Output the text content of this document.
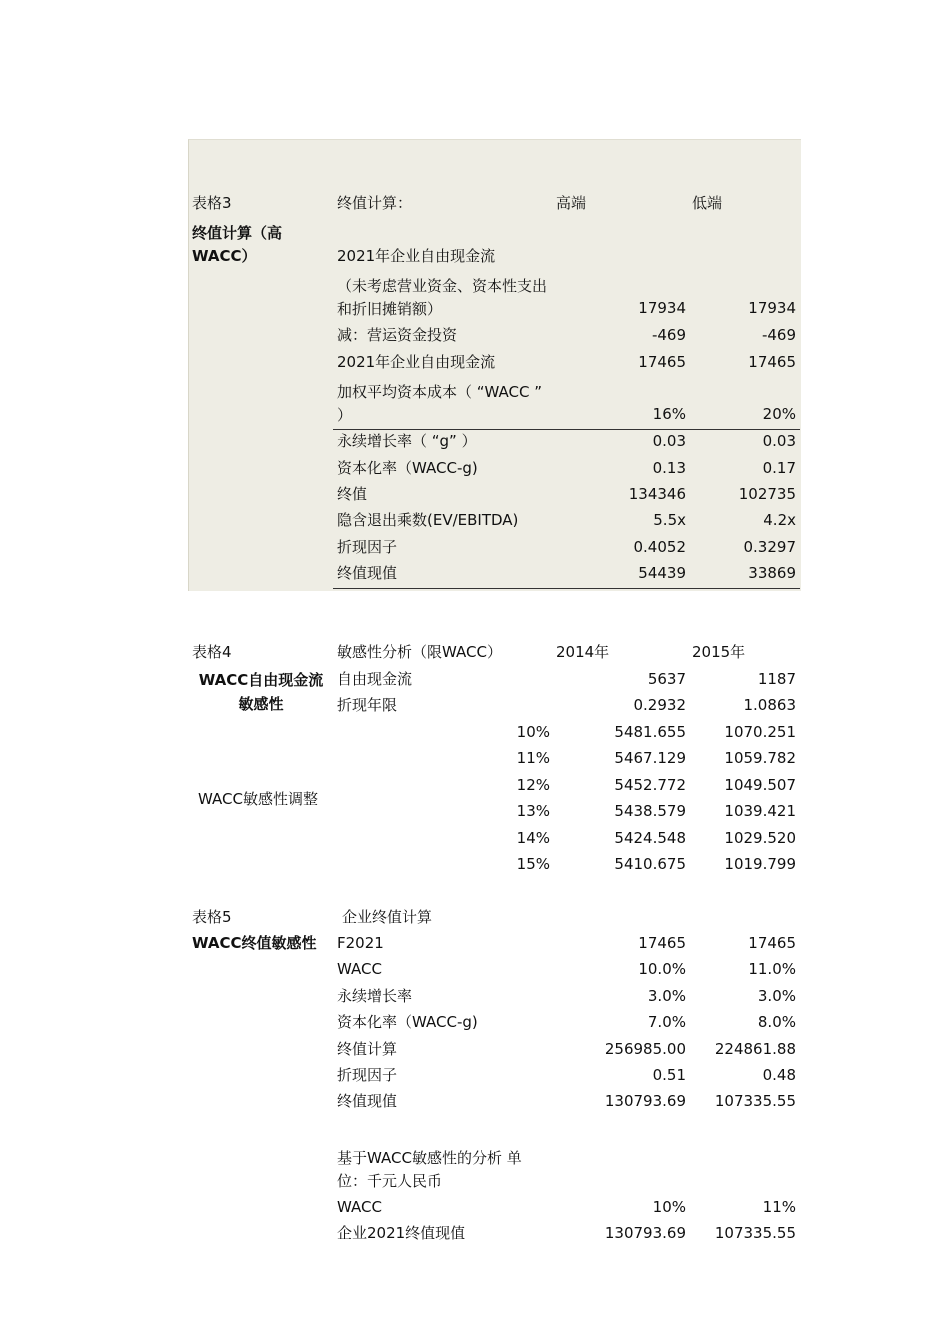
表格3
终值计算（高WACC）
终值计算：	高端	低端
2021年企业自由现金流
（未考虑营业资金、资本性支出和折旧摊销额）	17934	17934
减：营运资金投资	-469	-469
2021年企业自由现金流	17465	17465
加权平均资本成本（ “WACC ” ）	16%	20%
永续增长率（ “g” ）	0.03	0.03
资本化率（WACC-g)	0.13	0.17
终值	134346	102735
隐含退出乘数(EV/EBITDA)	5.5x	4.2x
折现因子	0.4052	0.3297
终值现值	54439	33869
表格4
WACC自由现金流
敏感性
敏感性分析（限WACC）	2014年	2015年
自由现金流	5637	1187
折现年限	0.2932	1.0863
WACC敏感性调整
10%	5481.655	1070.251
11%	5467.129	1059.782
12%	5452.772	1049.507
13%	5438.579	1039.421
14%	5424.548	1029.520
15%	5410.675	1019.799
表格5
WACC终值敏感性
企业终值计算
F2021	17465	17465
WACC	10.0%	11.0%
永续增长率	3.0%	3.0%
资本化率（WACC-g)	7.0%	8.0%
终值计算	256985.00	224861.88
折现因子	0.51	0.48
终值现值	130793.69	107335.55
基于WACC敏感性的分析 单位：千元人民币
WACC	10%	11%
企业2021终值现值	130793.69	107335.55
